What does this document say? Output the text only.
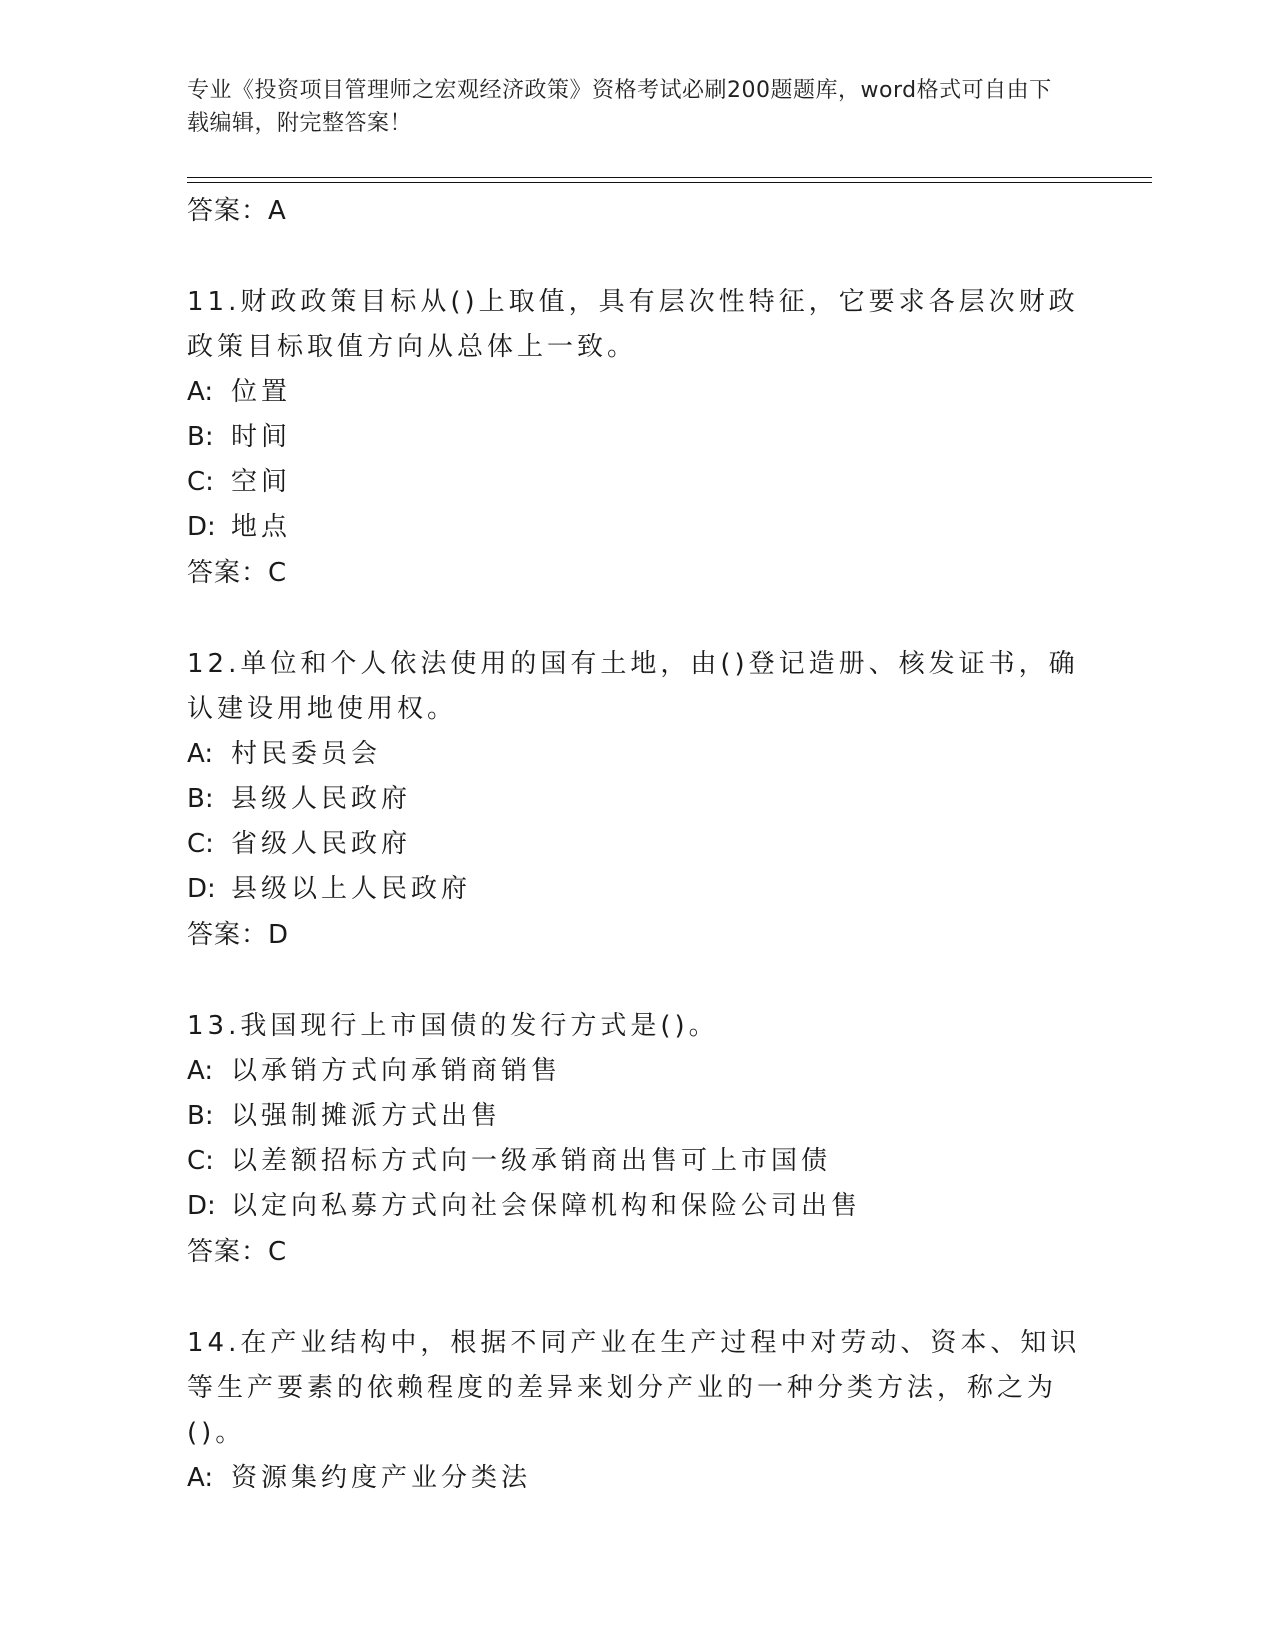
专业《投资项目管理师之宏观经济政策》资格考试必刷200题题库，word格式可自由下载编辑，附完整答案！
答案：A
11.财政政策目标从()上取值，具有层次性特征，它要求各层次财政政策目标取值方向从总体上一致。
A: 位置
B: 时间
C: 空间
D: 地点
答案：C
12.单位和个人依法使用的国有土地，由()登记造册、核发证书，确认建设用地使用权。
A: 村民委员会
B: 县级人民政府
C: 省级人民政府
D: 县级以上人民政府
答案：D
13.我国现行上市国债的发行方式是()。
A: 以承销方式向承销商销售
B: 以强制摊派方式出售
C: 以差额招标方式向一级承销商出售可上市国债
D: 以定向私募方式向社会保障机构和保险公司出售
答案：C
14.在产业结构中，根据不同产业在生产过程中对劳动、资本、知识等生产要素的依赖程度的差异来划分产业的一种分类方法，称之为()。
A: 资源集约度产业分类法
